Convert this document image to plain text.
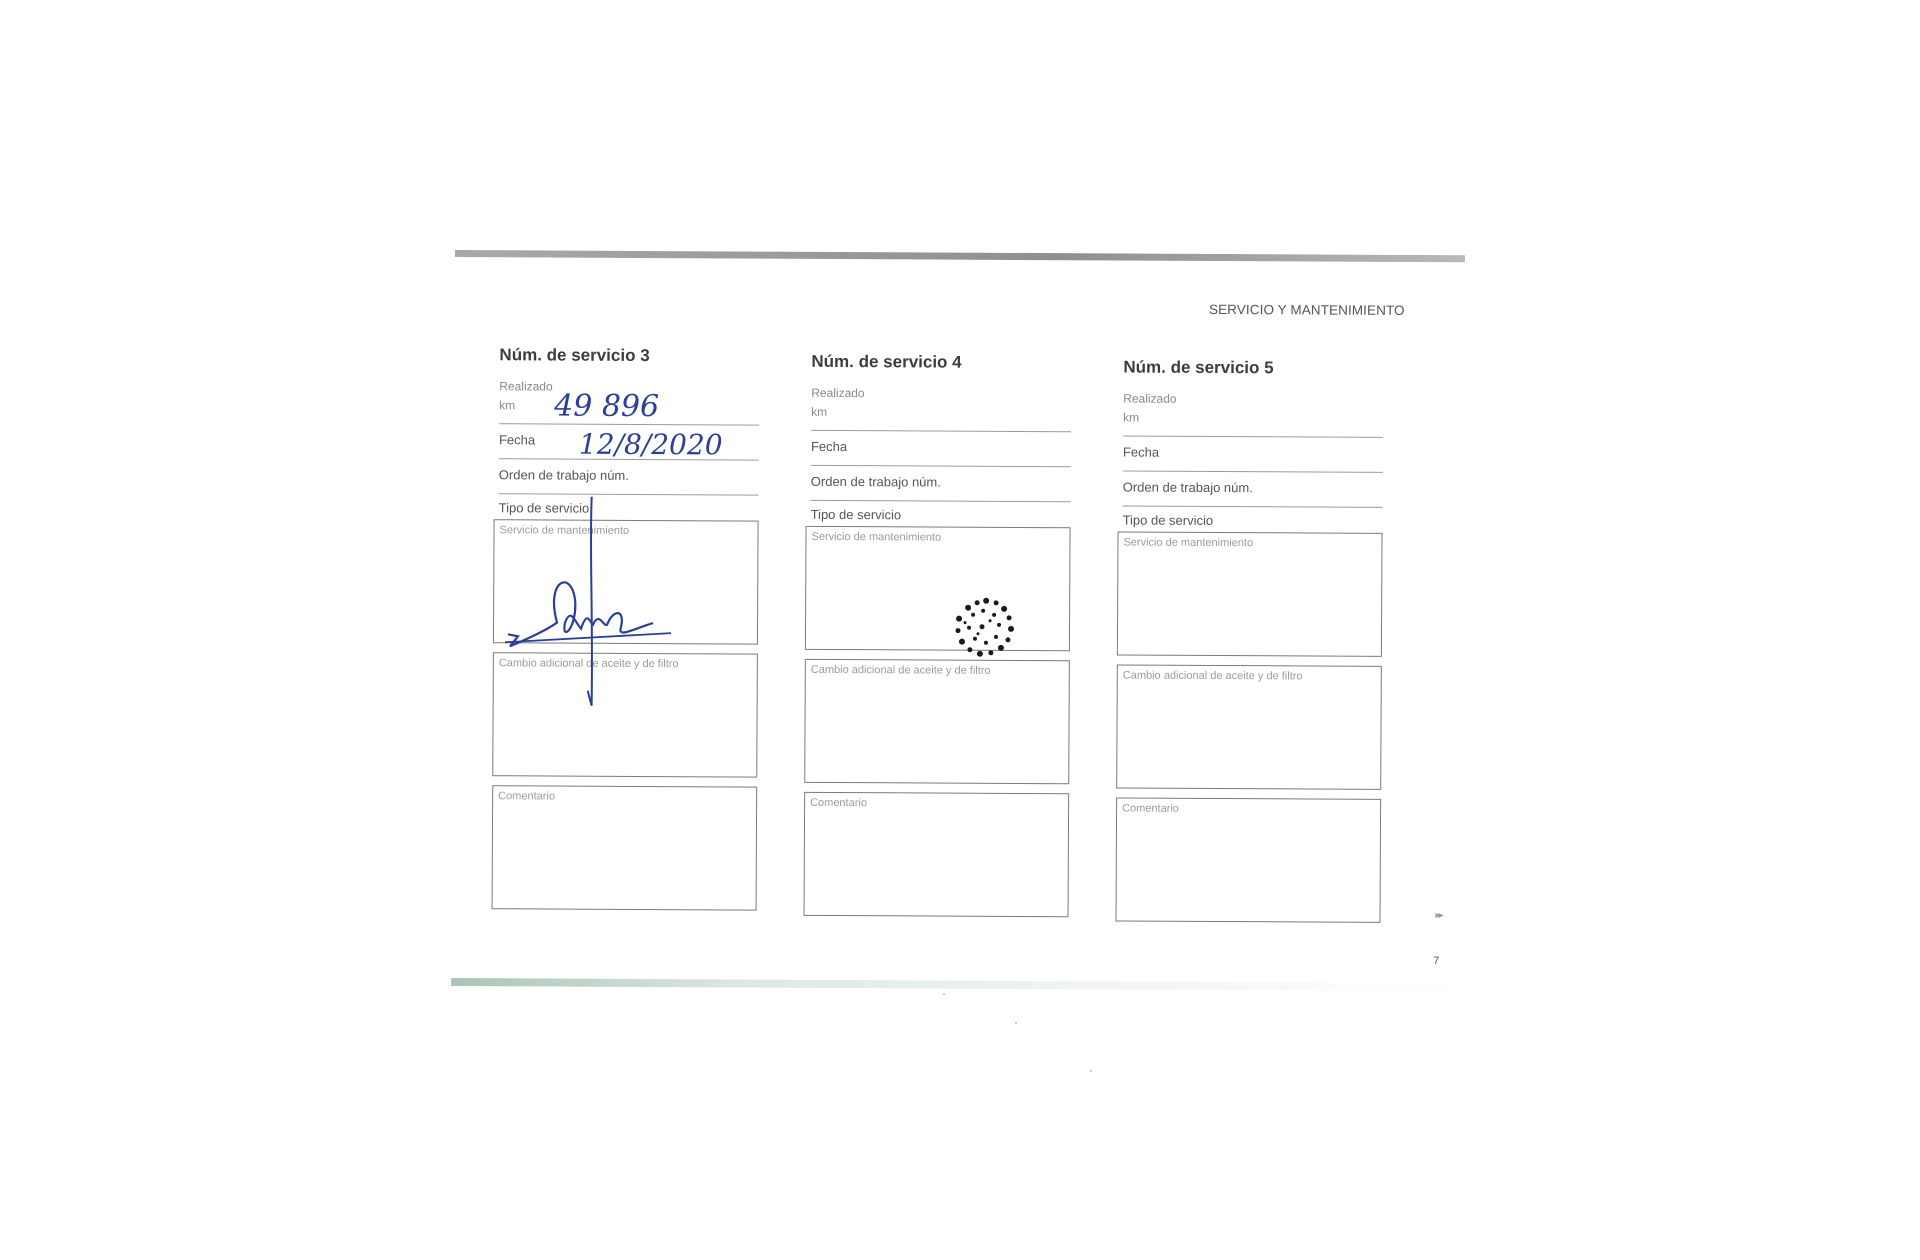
SERVICIO Y MANTENIMIENTO
Núm. de servicio 3
Realizado
km 49 896
Fecha 12/8/2020
Orden de trabajo núm.
Tipo de servicio
Servicio de mantenimiento
Cambio adicional de aceite y de filtro
Comentario
Núm. de servicio 4
Realizado
km
Fecha
Orden de trabajo núm.
Tipo de servicio
Servicio de mantenimiento
Cambio adicional de aceite y de filtro
Comentario
Núm. de servicio 5
Realizado
km
Fecha
Orden de trabajo núm.
Tipo de servicio
Servicio de mantenimiento
Cambio adicional de aceite y de filtro
Comentario
▸▸
7
